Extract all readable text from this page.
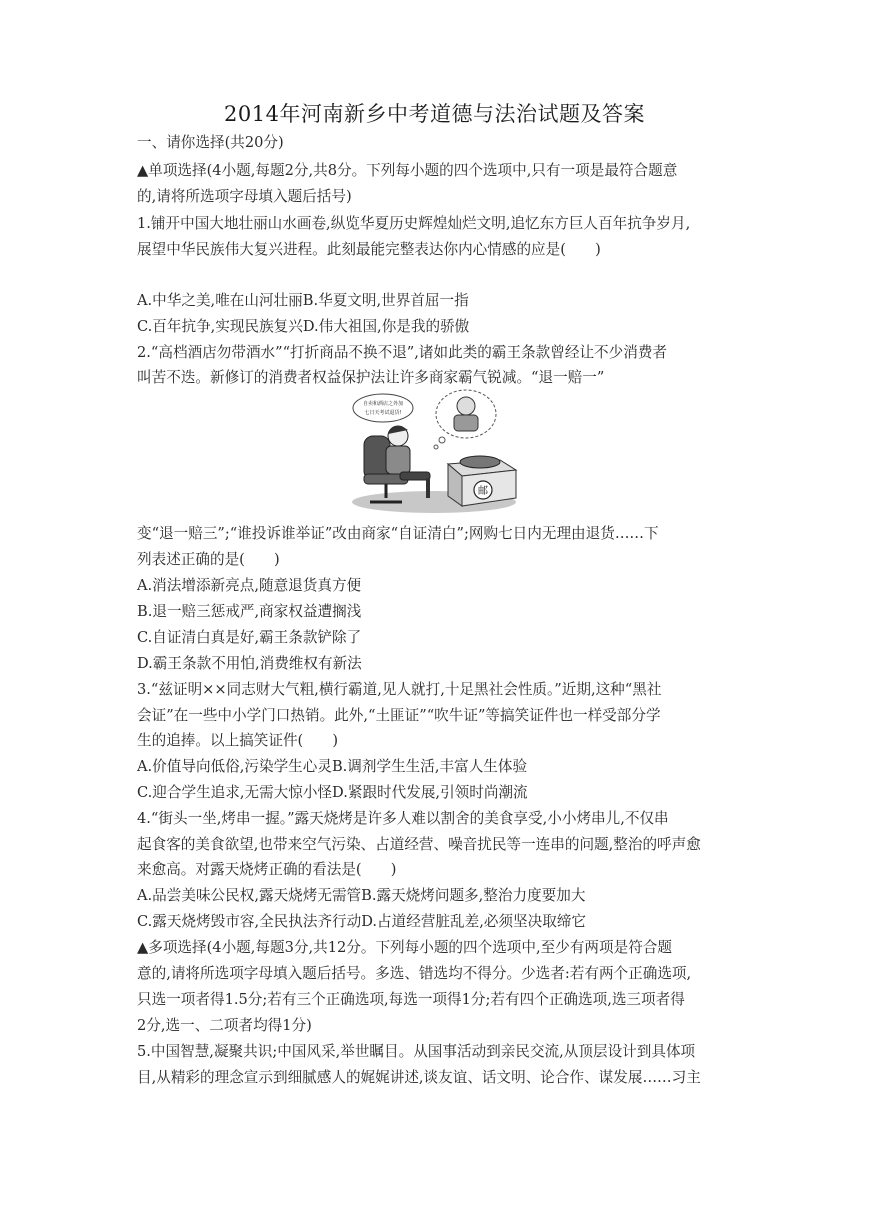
2014年河南新乡中考道德与法治试题及答案
一、请你选择(共20分)
▲单项选择(4小题,每题2分,共8分。下列每小题的四个选项中,只有一项是最符合题意
的,请将所选项字母填入题后括号)
1.铺开中国大地壮丽山水画卷,纵览华夏历史辉煌灿烂文明,追忆东方巨人百年抗争岁月,
展望中华民族伟大复兴进程。此刻最能完整表达你内心情感的应是(　　)
A.中华之美,唯在山河壮丽B.华夏文明,世界首屈一指
C.百年抗争,实现民族复兴D.伟大祖国,你是我的骄傲
2.“高档酒店勿带酒水”“打折商品不换不退”,诸如此类的霸王条款曾经让不少消费者
叫苦不迭。新修订的消费者权益保护法让许多商家霸气锐减。“退一赔一”
自卖和酒店之外加
七日天考试退货!
邮
变“退一赔三”;“谁投诉谁举证”改由商家“自证清白”;网购七日内无理由退货……下
列表述正确的是(　　)
A.消法增添新亮点,随意退货真方便
B.退一赔三惩戒严,商家权益遭搁浅
C.自证清白真是好,霸王条款铲除了
D.霸王条款不用怕,消费维权有新法
3.“兹证明××同志财大气粗,横行霸道,见人就打,十足黑社会性质。”近期,这种“黑社
会证”在一些中小学门口热销。此外,“土匪证”“吹牛证”等搞笑证件也一样受部分学
生的追捧。以上搞笑证件(　　)
A.价值导向低俗,污染学生心灵B.调剂学生生活,丰富人生体验
C.迎合学生追求,无需大惊小怪D.紧跟时代发展,引领时尚潮流
4.“街头一坐,烤串一握。”露天烧烤是许多人难以割舍的美食享受,小小烤串儿,不仅串
起食客的美食欲望,也带来空气污染、占道经营、噪音扰民等一连串的问题,整治的呼声愈
来愈高。对露天烧烤正确的看法是(　　)
A.品尝美味公民权,露天烧烤无需管B.露天烧烤问题多,整治力度要加大
C.露天烧烤毁市容,全民执法齐行动D.占道经营脏乱差,必须坚决取缔它
▲多项选择(4小题,每题3分,共12分。下列每小题的四个选项中,至少有两项是符合题
意的,请将所选项字母填入题后括号。多选、错选均不得分。少选者:若有两个正确选项,
只选一项者得1.5分;若有三个正确选项,每选一项得1分;若有四个正确选项,选三项者得
2分,选一、二项者均得1分)
5.中国智慧,凝聚共识;中国风采,举世瞩目。从国事活动到亲民交流,从顶层设计到具体项
目,从精彩的理念宣示到细腻感人的娓娓讲述,谈友谊、话文明、论合作、谋发展……习主
